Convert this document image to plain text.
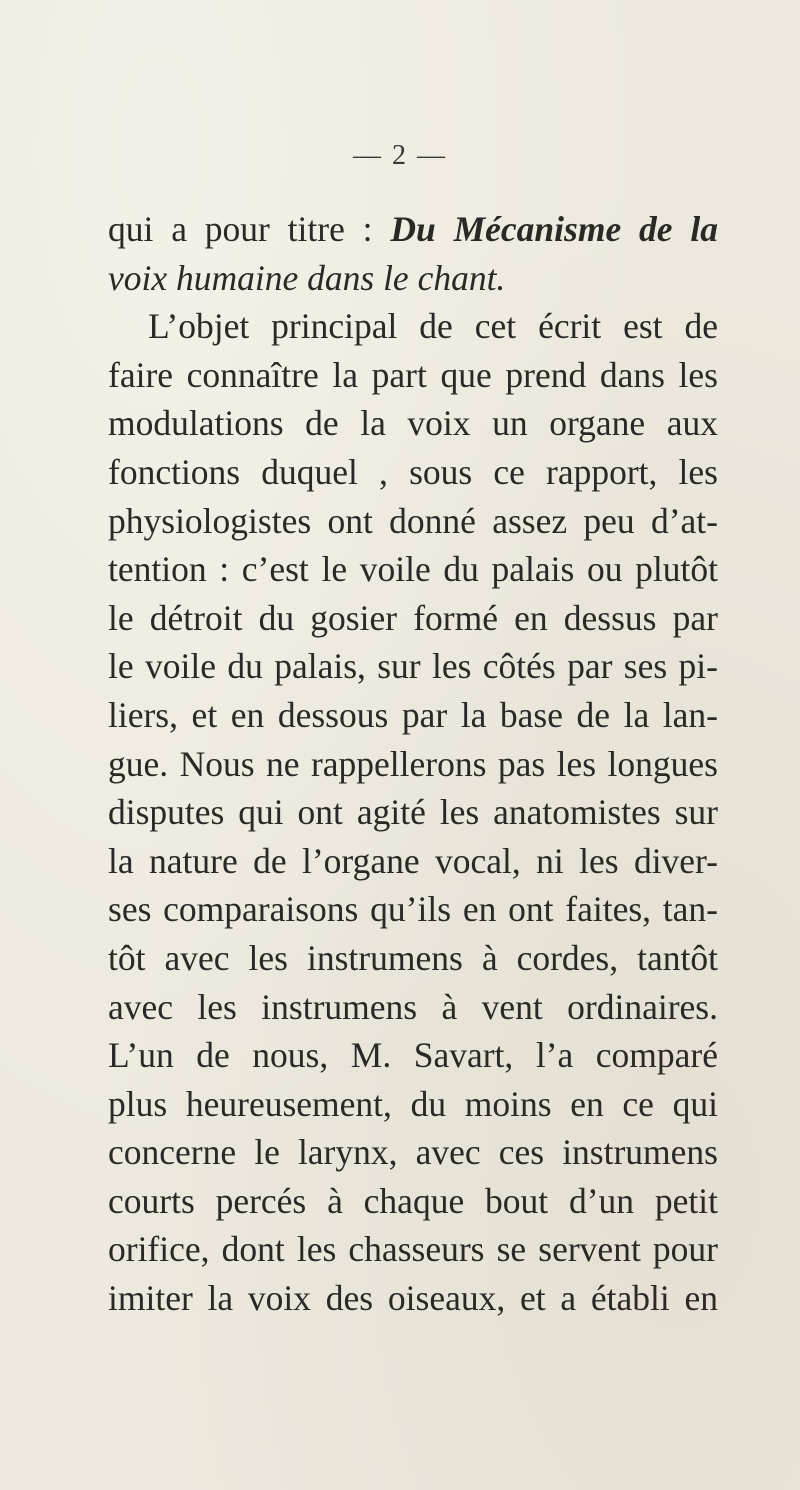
— 2 —
qui a pour titre : Du Mécanisme de la
voix humaine dans le chant.
L’objet principal de cet écrit est de
faire connaître la part que prend dans les
modulations de la voix un organe aux
fonctions duquel , sous ce rapport, les
physiologistes ont donné assez peu d’at-
tention : c’est le voile du palais ou plutôt
le détroit du gosier formé en dessus par
le voile du palais, sur les côtés par ses pi-
liers, et en dessous par la base de la lan-
gue. Nous ne rappellerons pas les longues
disputes qui ont agité les anatomistes sur
la nature de l’organe vocal, ni les diver-
ses comparaisons qu’ils en ont faites, tan-
tôt avec les instrumens à cordes, tantôt
avec les instrumens à vent ordinaires.
L’un de nous, M. Savart, l’a comparé
plus heureusement, du moins en ce qui
concerne le larynx, avec ces instrumens
courts percés à chaque bout d’un petit
orifice, dont les chasseurs se servent pour
imiter la voix des oiseaux, et a établi en
